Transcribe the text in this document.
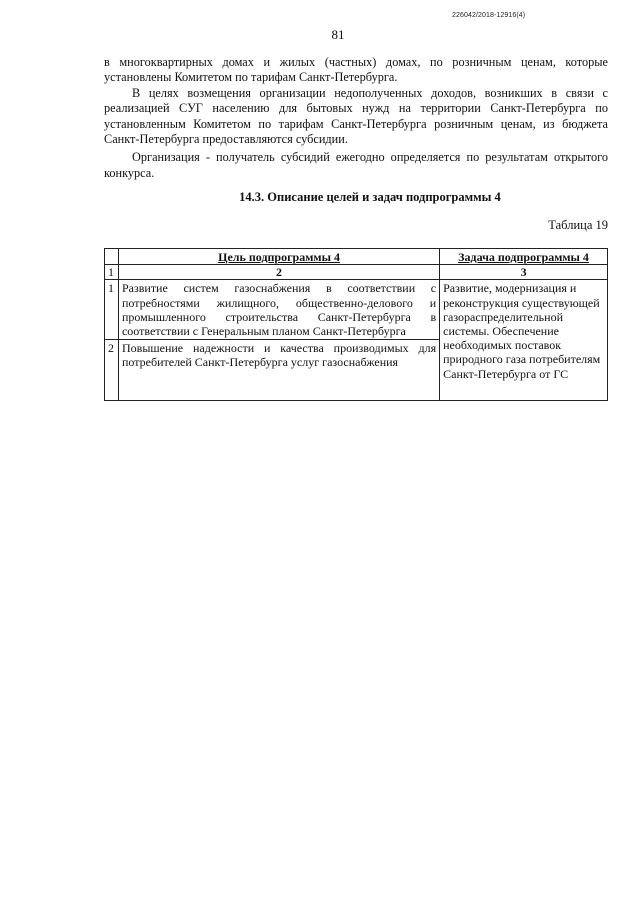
226042/2018-12916(4)
81

в многоквартирных домах и жилых (частных) домах, по розничным ценам, которые установлены Комитетом по тарифам Санкт-Петербурга.

В целях возмещения организации недополученных доходов, возникших в связи с реализацией СУГ населению для бытовых нужд на территории Санкт-Петербурга по установленным Комитетом по тарифам Санкт-Петербурга розничным ценам, из бюджета Санкт-Петербурга предоставляются субсидии.

Организация - получатель субсидий ежегодно определяется по результатам открытого конкурса.

14.3. Описание целей и задач подпрограммы 4
Таблица 19
	Цель подпрограммы 4	Задача подпрограммы 4
1	2	3
1	Развитие систем газоснабжения в соответствии с потребностями жилищного, общественно-делового и промышленного строительства Санкт-Петербурга в соответствии с Генеральным планом Санкт-Петербурга	Развитие, модернизация и реконструкция существующей газораспределительной системы. Обеспечение необходимых поставок природного газа потребителям Санкт-Петербурга от ГС

2	Повышение надежности и качества производимых для потребителей Санкт-Петербурга услуг газоснабжения	
